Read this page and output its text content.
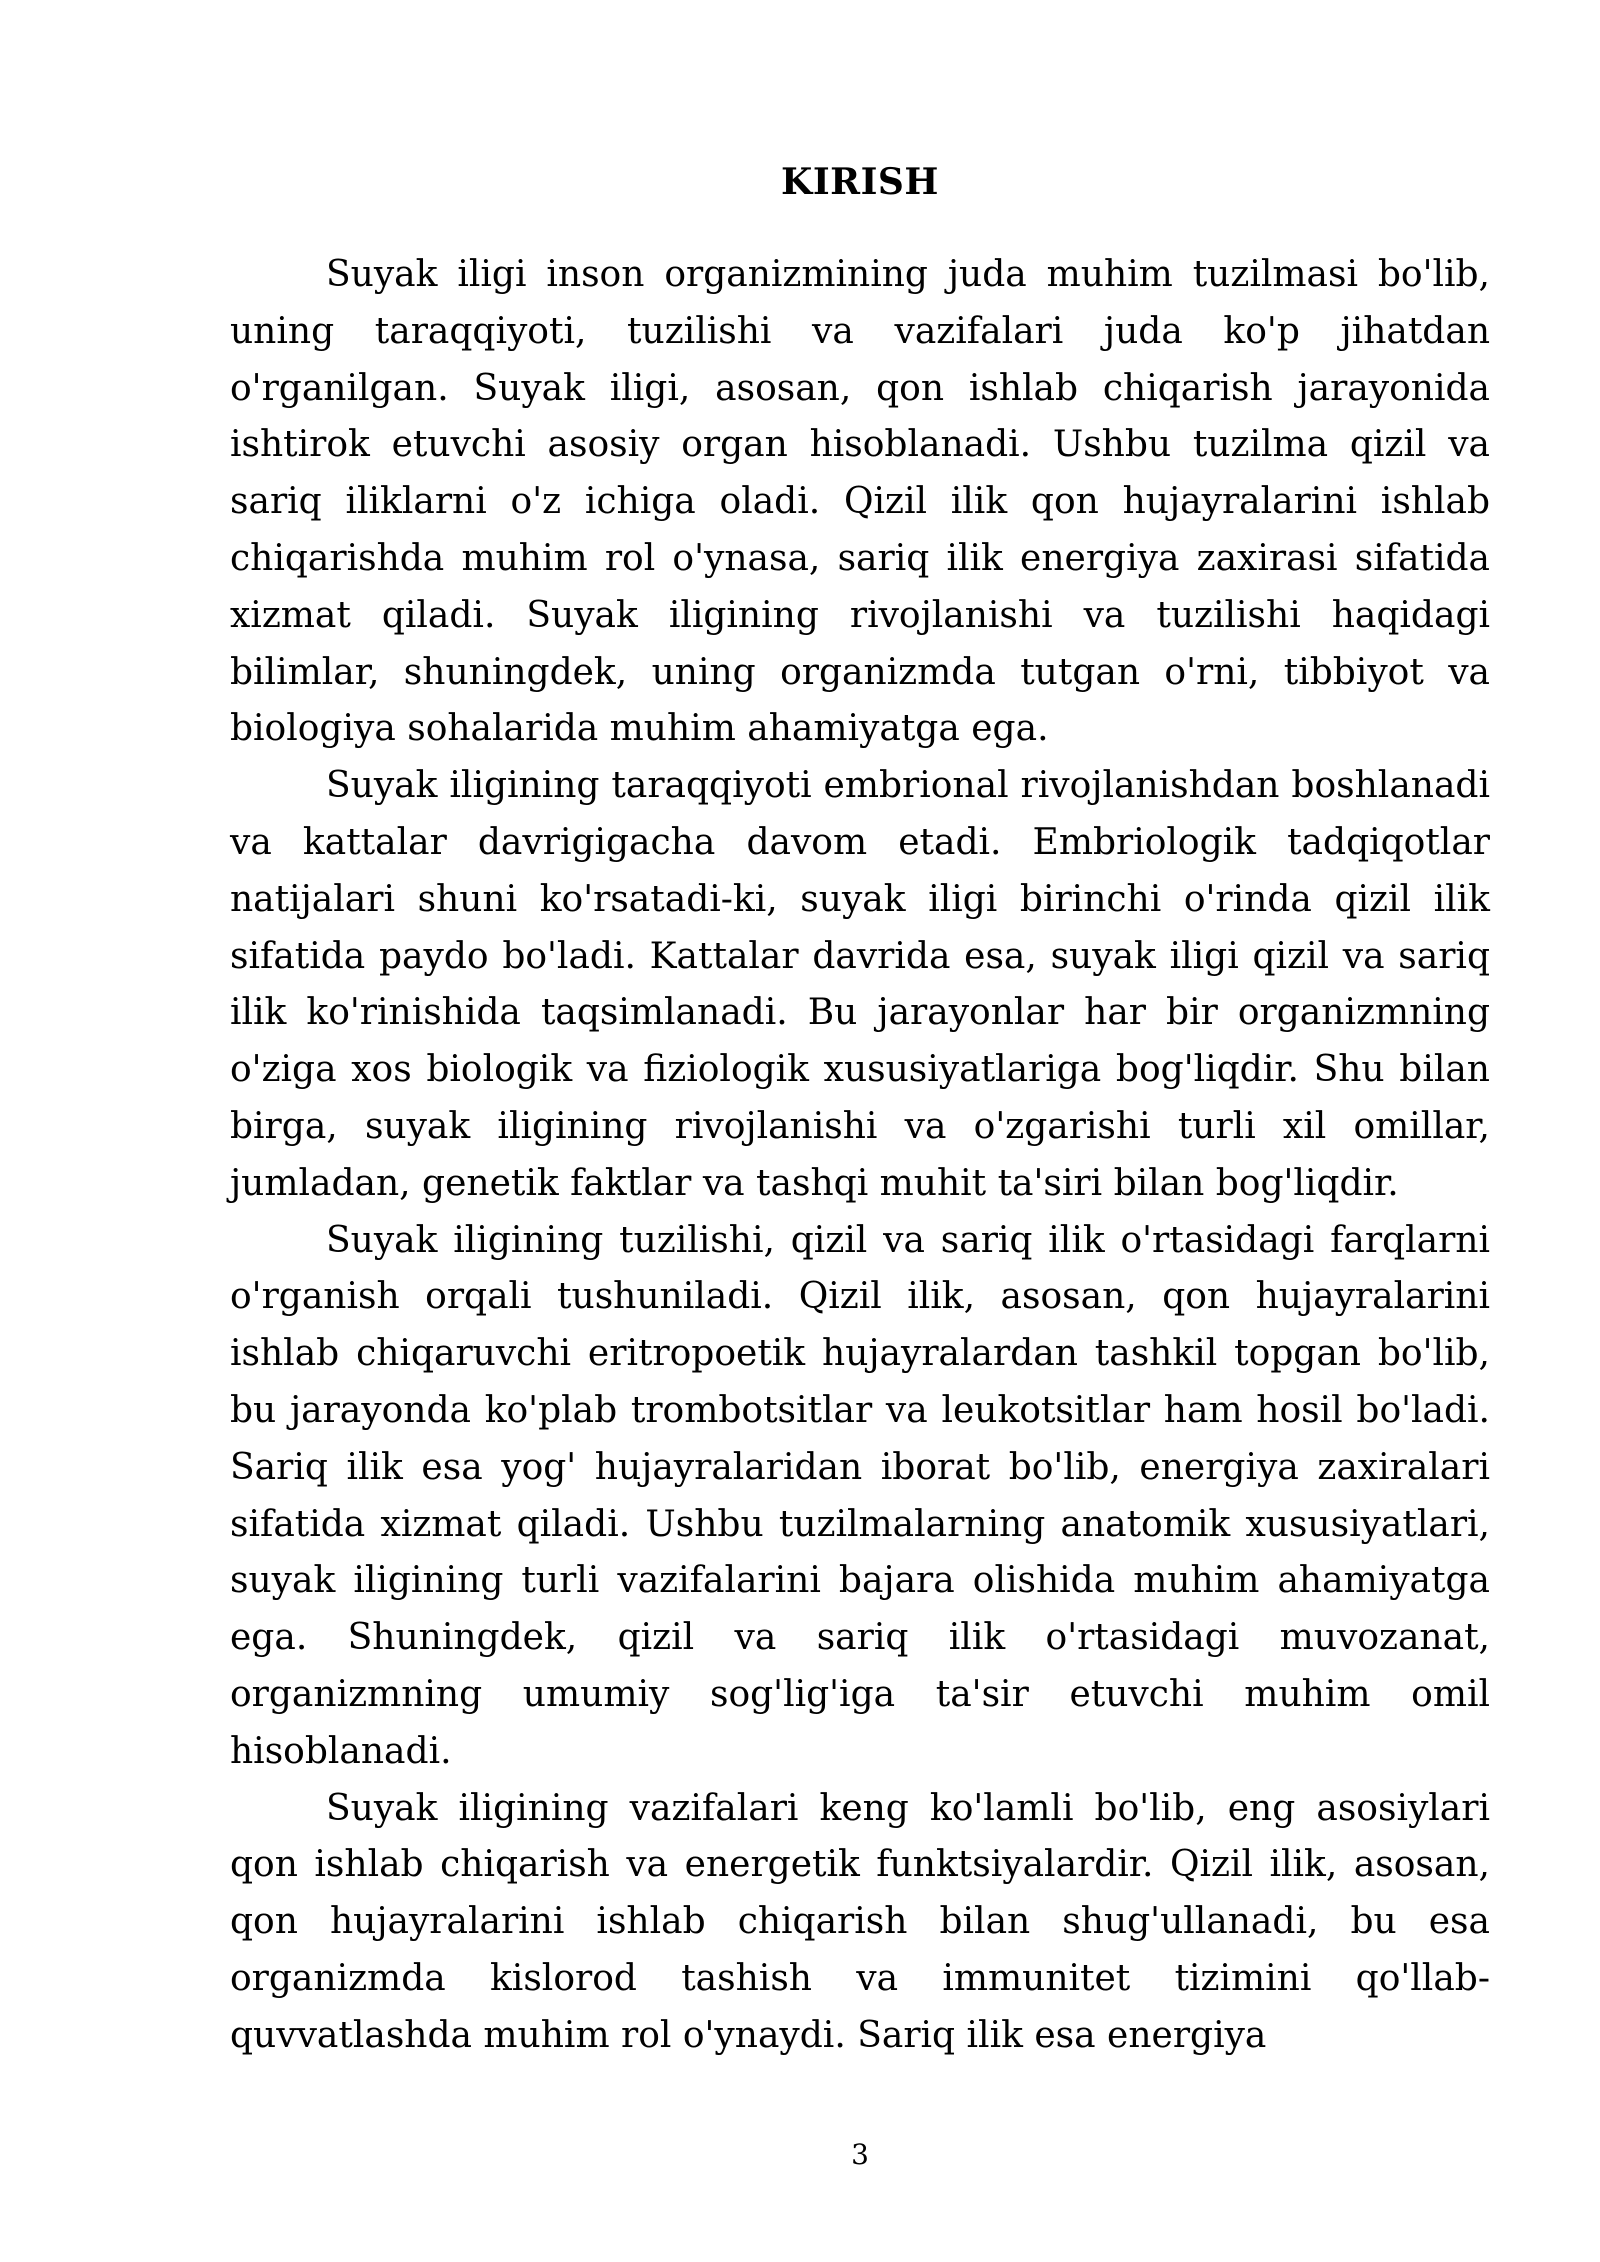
KIRISH

Suyak iligi inson organizmining juda muhim tuzilmasi bo'lib, uning taraqqiyoti, tuzilishi va vazifalari juda ko'p jihatdan o'rganilgan. Suyak iligi, asosan, qon ishlab chiqarish jarayonida ishtirok etuvchi asosiy organ hisoblanadi. Ushbu tuzilma qizil va sariq iliklarni o'z ichiga oladi. Qizil ilik qon hujayralarini ishlab chiqarishda muhim rol o'ynasa, sariq ilik energiya zaxirasi sifatida xizmat qiladi. Suyak iligining rivojlanishi va tuzilishi haqidagi bilimlar, shuningdek, uning organizmda tutgan o'rni, tibbiyot va biologiya sohalarida muhim ahamiyatga ega.

Suyak iligining taraqqiyoti embrional rivojlanishdan boshlanadi va kattalar davrigigacha davom etadi. Embriologik tadqiqotlar natijalari shuni ko'rsatadi-ki, suyak iligi birinchi o'rinda qizil ilik sifatida paydo bo'ladi. Kattalar davrida esa, suyak iligi qizil va sariq ilik ko'rinishida taqsimlanadi. Bu jarayonlar har bir organizmning o'ziga xos biologik va fiziologik xususiyatlariga bog'liqdir. Shu bilan birga, suyak iligining rivojlanishi va o'zgarishi turli xil omillar, jumladan, genetik faktlar va tashqi muhit ta'siri bilan bog'liqdir.

Suyak iligining tuzilishi, qizil va sariq ilik o'rtasidagi farqlarni o'rganish orqali tushuniladi. Qizil ilik, asosan, qon hujayralarini ishlab chiqaruvchi eritropoetik hujayralardan tashkil topgan bo'lib, bu jarayonda ko'plab trombotsitlar va leukotsitlar ham hosil bo'ladi. Sariq ilik esa yog' hujayralaridan iborat bo'lib, energiya zaxiralari sifatida xizmat qiladi. Ushbu tuzilmalarning anatomik xususiyatlari, suyak iligining turli vazifalarini bajara olishida muhim ahamiyatga ega. Shuningdek, qizil va sariq ilik o'rtasidagi muvozanat, organizmning umumiy sog'lig'iga ta'sir etuvchi muhim omil hisoblanadi.

Suyak iligining vazifalari keng ko'lamli bo'lib, eng asosiylari qon ishlab chiqarish va energetik funktsiyalardir. Qizil ilik, asosan, qon hujayralarini ishlab chiqarish bilan shug'ullanadi, bu esa organizmda kislorod tashish va immunitet tizimini qo'llab-quvvatlashda muhim rol o'ynaydi. Sariq ilik esa energiya

3
